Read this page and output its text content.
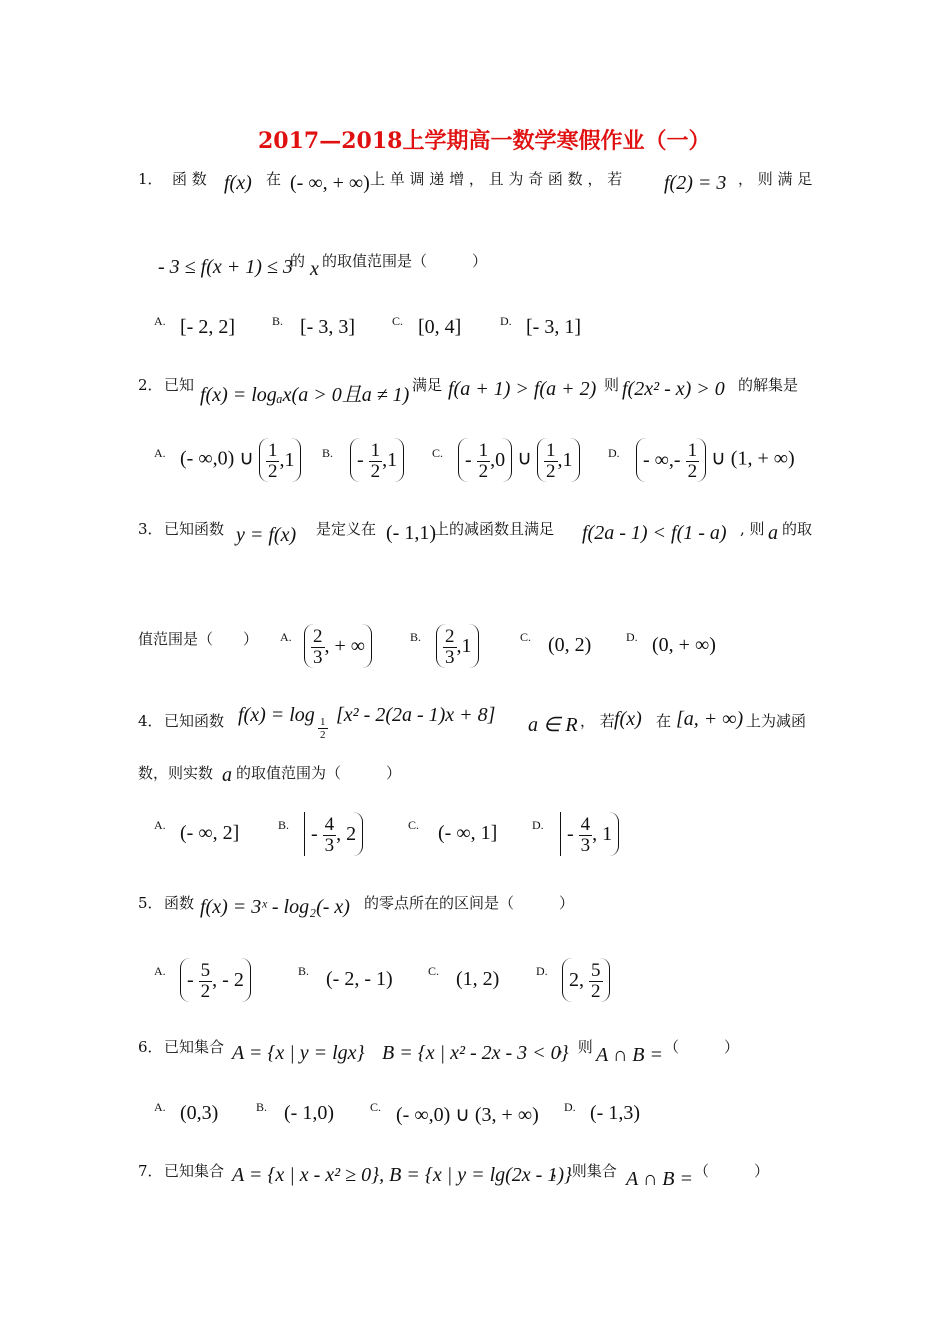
2017—2018上学期高一数学寒假作业（一）
1． 函 数 f(x) 在 (- ∞, + ∞) 上 单 调 递 增 ， 且 为 奇 函 数 ， 若 f(2) = 3 ， 则 满 足
- 3 ≤ f(x + 1) ≤ 3
的 x 的取值范围是（　　　）
A. [- 2, 2]	B. [- 3, 3]	C. [0, 4]	D. [- 3, 1]
2． 已知 f(x) = logₐx(a > 0且a ≠ 1) 满足 f(a + 1) > f(a + 2) 则 f(2x² - x) > 0 的解集是
A. (- ∞,0) ∪ $\frac{1}{2} ,1$	B.	- $\frac{1}{2} ,1$	C.	- $\frac{1}{2} ,0$ ∪ $\frac{1}{2} ,1$	D.	- ∞,- $\frac{1}{2}$ ∪ (1, + ∞)
3． 已知函数 y = f(x) 是定义在 (- 1,1)
上的减函数且满足 f(2a - 1) < f(1 - a) , 则 a 的取
值范围是（　　） A. $\frac{2}{3}$ , + ∞	B. $\frac{2}{3} ,1$	C. (0, 2)	D. (0, + ∞)
4． 已知函数 f(x) = log
$\frac{1}{2}$
[x² - 2(2a - 1)x + 8] a ∈ R ， 若 f(x) 在 [a, + ∞) 上为减函
数，则实数 a 的取值范围为（　　　）
A. (- ∞, 2]	B.	- $\frac{4}{3}$ , 2	C. (- ∞, 1]	D.	- $\frac{4}{3}$ , 1
5． 函数 f(x) = 3ˣ - log₂(- x) 的零点所在的区间是（　　　）
A.	- $\frac{5}{2}$ , - 2	B. (- 2, - 1)	C. (1, 2)	D.	2, $\frac{5}{2}$
6． 已知集合 A = {x | y = lgx} B = {x | x² - 2x - 3 < 0}
， 则 A ∩ B = （　　　）
A. (0,3)	B. (- 1,0)	C. (- ∞,0) ∪ (3, + ∞) D. (- 1,3)
7． 已知集合 A = {x | x - x² ≥ 0}, B = {x | y = lg(2x - 1)}
， 则集合 A ∩ B = （　　　）
